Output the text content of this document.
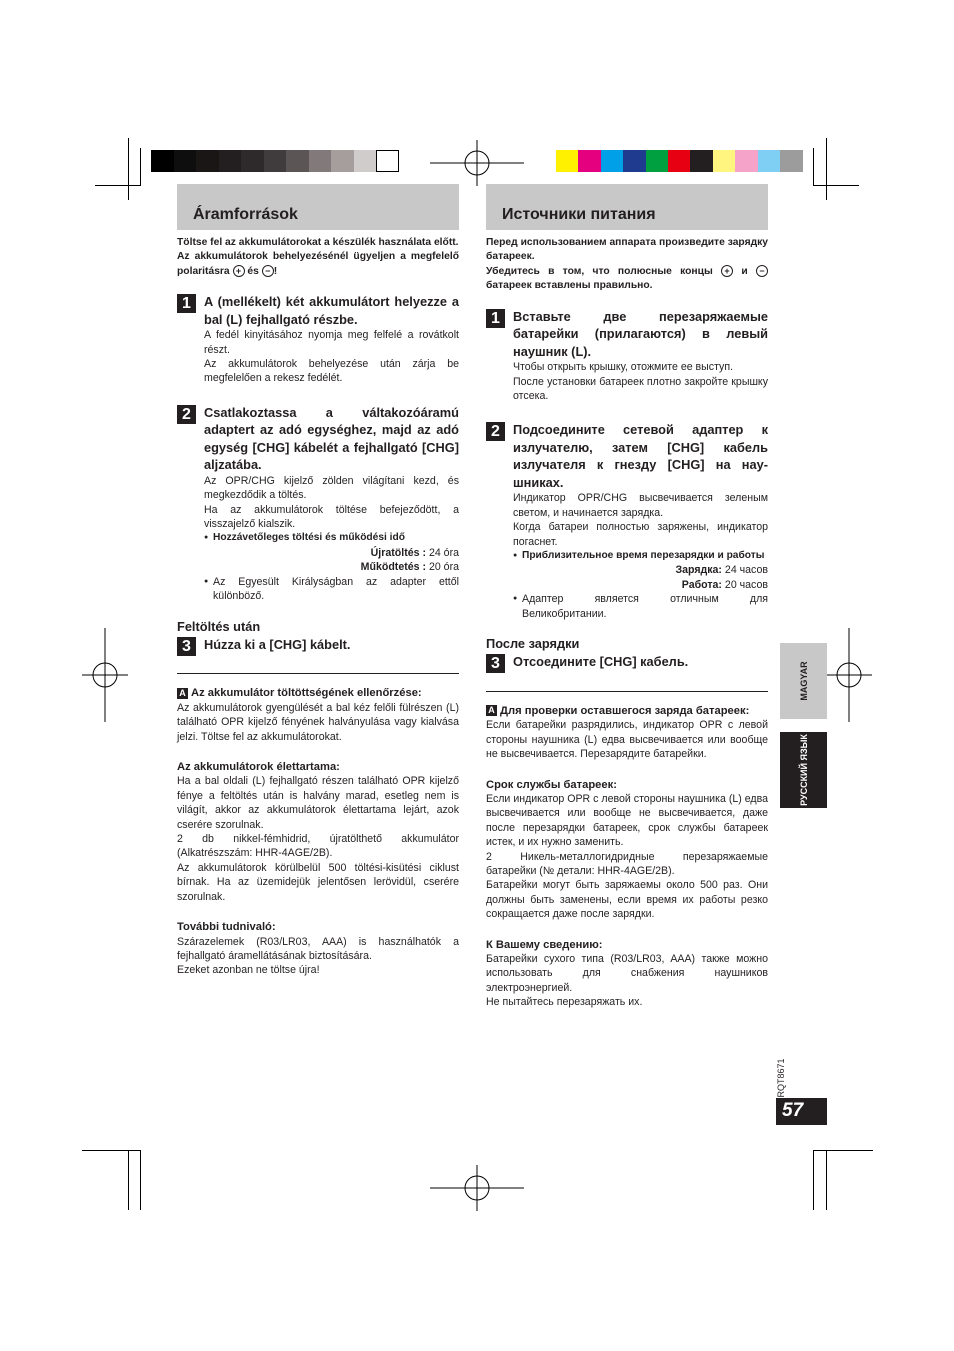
Áramforrások	Источники питания
Töltse fel az akkumulátorokat a készülék használata előtt.
Az akkumulátorok behelyezésénél ügyeljen a megfelelő polaritásra + és − !
1	A (mellékelt) két akkumulátort helyezze a bal (L) fejhallgató részbe.
A fedél kinyitásához nyomja meg felfelé a rovátkolt részt.
Az akkumulátorok behelyezése után zárja be megfelelően a rekesz fedélét.
2	Csatlakoztassa a váltakozóáramú adaptert az adó egységhez, majd az adó egység [CHG] kábelét a fejhallgató [CHG] aljzatába.
Az OPR/CHG kijelző zölden világítani kezd, és megkezdődik a töltés.
Ha az akkumulátorok töltése befejeződött, a visszajelző kialszik.
● Hozzávetőleges töltési és működési idő
Újratöltés : 24 óra
Működtetés : 20 óra
● Az Egyesült Királyságban az adapter ettől különböző.
Feltöltés után
3	Húzza ki a [CHG] kábelt.
A Az akkumulátor töltöttségének ellenőrzése:
Az akkumulátorok gyengülését a bal kéz felőli fülrészen (L) található OPR kijelző fényének halványulása vagy kialvása jelzi. Töltse fel az akkumulátorokat.
Az akkumulátorok élettartama:
Ha a bal oldali (L) fejhallgató részen található OPR kijelző fénye a feltöltés után is halvány marad, esetleg nem is világít, akkor az akkumulátorok élettartama lejárt, azok cserére szorulnak.
2 db nikkel-fémhidrid, újratölthető akkumulátor (Alkatrészszám: HHR-4AGE/2B).
Az akkumulátorok körülbelül 500 töltési-kisütési ciklust bírnak. Ha az üzemidejük jelentősen lerövidül, cserére szorulnak.
További tudnivaló:
Szárazelemek (R03/LR03, AAA) is használhatók a fejhallgató áramellátásának biztosítására.
Ezeket azonban ne töltse újra!
Перед использованием аппарата произведите зарядку батареек.
Убедитесь в том, что полюсные концы + и − батареек вставлены правильно.
1	Вставьте две перезаряжаемые батарейки (прилагаются) в левый наушник (L).
Чтобы открыть крышку, отожмите ее выступ.
После установки батареек плотно закройте крышку отсека.
2	Подсоедините сетевой адаптер к излучателю, затем [CHG] кабель излучателя к гнезду [CHG] на наушниках.
Индикатор OPR/CHG высвечивается зеленым светом, и начинается зарядка.
Когда батареи полностью заряжены, индикатор погаснет.
● Приблизительное время перезарядки и работы
Зарядка: 24 часов
Работа: 20 часов
● Адаптер является отличным для Великобритании.
После зарядки
3	Отсоедините [CHG] кабель.
A Для проверки оставшегося заряда батареек:
Если батарейки разрядились, индикатор OPR с левой стороны наушника (L) едва высвечивается или вообще не высвечивается. Перезарядите батарейки.
Срок службы батареек:
Если индикатор OPR с левой стороны наушника (L) едва высвечивается или вообще не высвечивается, даже после перезарядки батареек, срок службы батареек истек, и их нужно заменить.
2 Никель-металлогидридные перезаряжаемые батарейки (№ детали: HHR-4AGE/2B).
Батарейки могут быть заряжаемы около 500 раз. Они должны быть заменены, если время их работы резко сокращается даже после зарядки.
К Вашему сведению:
Батарейки сухого типа (R03/LR03, AAA) также можно использовать для снабжения наушников электроэнергией.
Не пытайтесь перезаряжать их.
MAGYAR
РУССКИЙ ЯЗЫК
RQT8671
57
